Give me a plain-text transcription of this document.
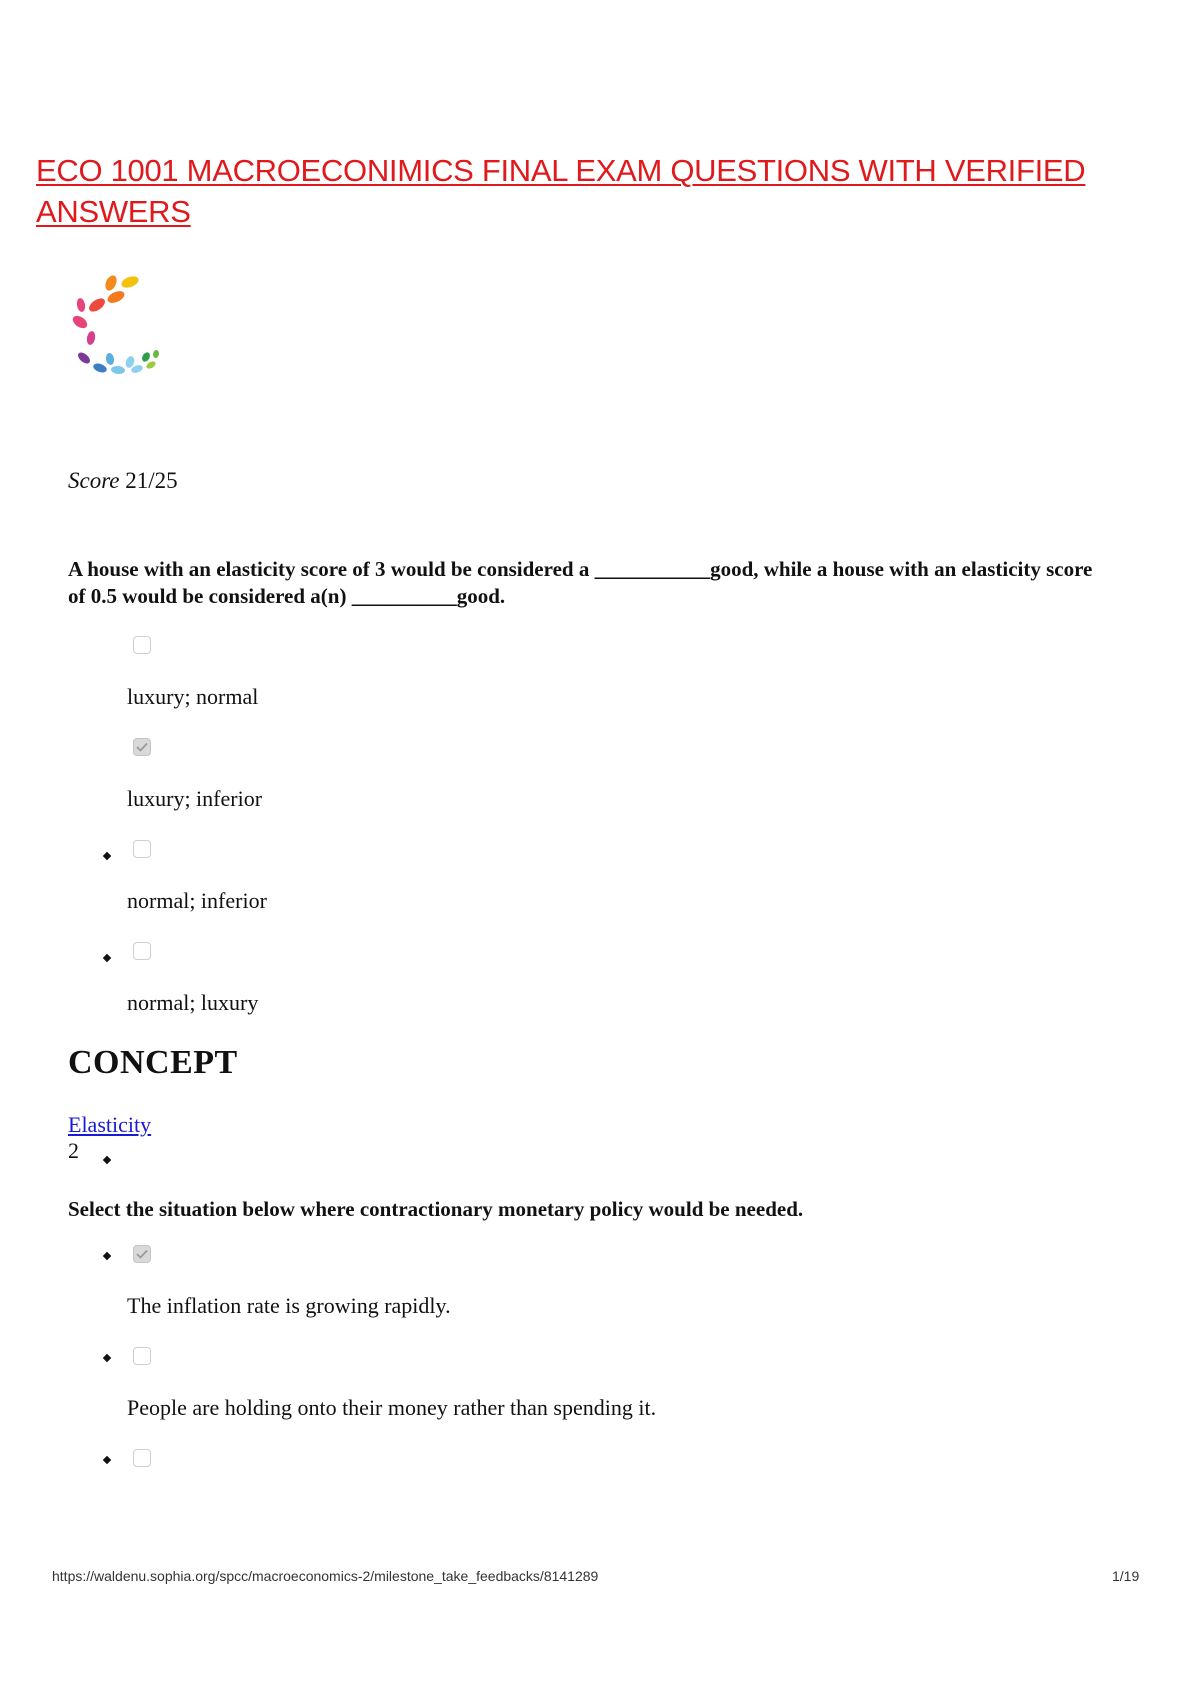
ECO 1001 MACROECONIMICS FINAL EXAM QUESTIONS WITH VERIFIED ANSWERS
Score 21/25

A house with an elasticity score of 3 would be considered a ___________good, while a house with an elasticity score of 0.5 would be considered a(n) __________good.

luxury; normal
luxury; inferior
normal; inferior
normal; luxury
CONCEPT
Elasticity
2

Select the situation below where contractionary monetary policy would be needed.

The inflation rate is growing rapidly.
People are holding onto their money rather than spending it.
https://waldenu.sophia.org/spcc/macroeconomics-2/milestone_take_feedbacks/8141289	1/19
